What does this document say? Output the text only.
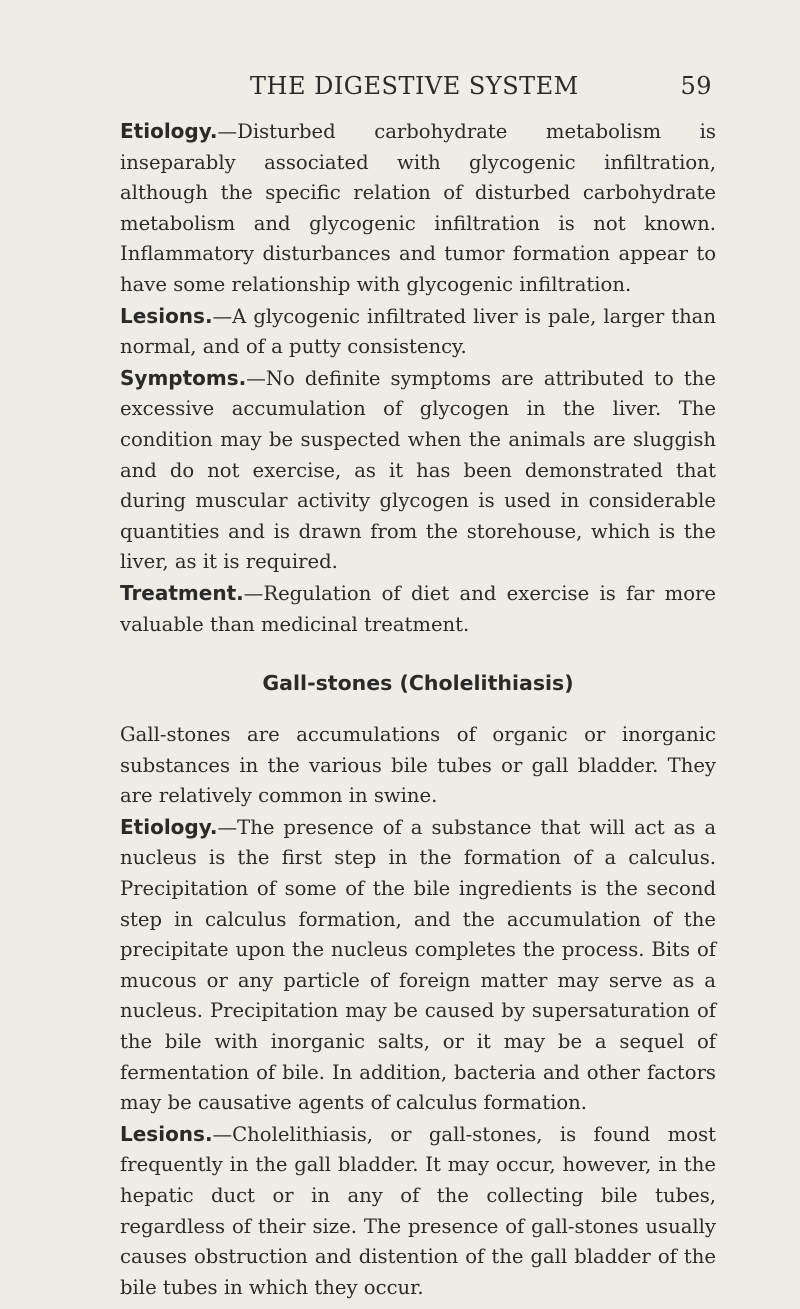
THE DIGESTIVE SYSTEM	59

Etiology.—Disturbed carbohydrate metabolism is inseparably associated with glycogenic infiltration, although the specific relation of disturbed carbohydrate metabolism and glycogenic infiltration is not known. Inflammatory disturbances and tumor formation appear to have some relationship with glycogenic infiltration.

Lesions.—A glycogenic infiltrated liver is pale, larger than normal, and of a putty consistency.

Symptoms.—No definite symptoms are attributed to the excessive accumulation of glycogen in the liver. The condition may be suspected when the animals are sluggish and do not exercise, as it has been demonstrated that during muscular activity glycogen is used in considerable quantities and is drawn from the storehouse, which is the liver, as it is required.

Treatment.—Regulation of diet and exercise is far more valuable than medicinal treatment.

Gall-stones (Cholelithiasis)

Gall-stones are accumulations of organic or inorganic substances in the various bile tubes or gall bladder. They are relatively common in swine.

Etiology.—The presence of a substance that will act as a nucleus is the first step in the formation of a calculus. Precipitation of some of the bile ingredients is the second step in calculus formation, and the accumulation of the precipitate upon the nucleus completes the process. Bits of mucous or any particle of foreign matter may serve as a nucleus. Precipitation may be caused by supersaturation of the bile with inorganic salts, or it may be a sequel of fermentation of bile. In addition, bacteria and other factors may be causative agents of calculus formation.

Lesions.—Cholelithiasis, or gall-stones, is found most frequently in the gall bladder. It may occur, however, in the hepatic duct or in any of the collecting bile tubes, regardless of their size. The presence of gall-stones usually causes obstruction and distention of the gall bladder of the bile tubes in which they occur.
